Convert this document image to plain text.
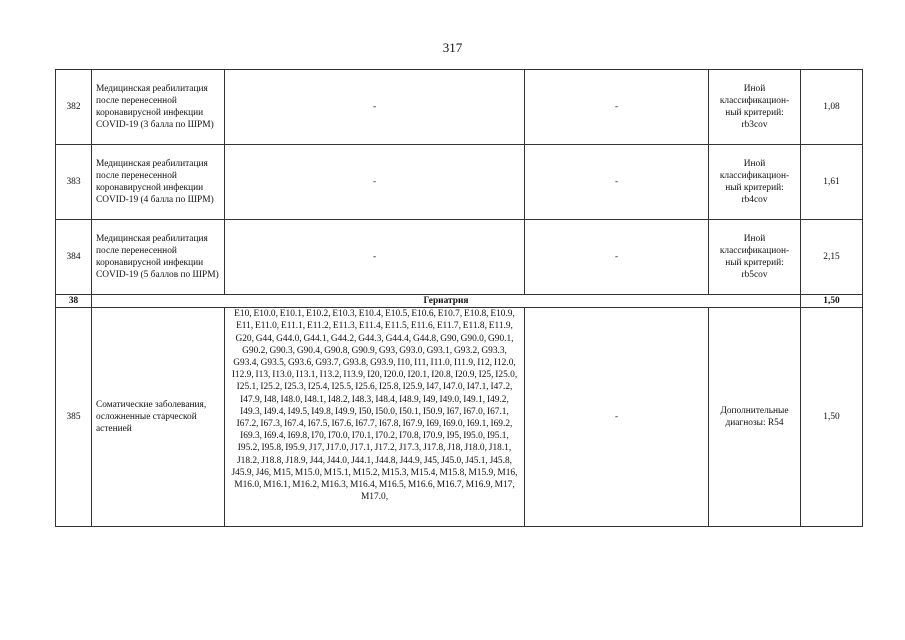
317
382	Медицинская реабилитация после перенесенной коронавирусной инфекции COVID-19 (3 балла по ШРМ)	-	-	Иной классификацион-ный критерий: rb3cov	1,08
383	Медицинская реабилитация после перенесенной коронавирусной инфекции COVID-19 (4 балла по ШРМ)	-	-	Иной классификацион-ный критерий: rb4cov	1,61
384	Медицинская реабилитация после перенесенной коронавирусной инфекции COVID-19 (5 баллов по ШРМ)	-	-	Иной классификацион-ный критерий: rb5cov	2,15
38	Гериатрия				1,50
385	Соматические заболевания, осложненные старческой астенией	E10, E10.0, E10.1, E10.2, E10.3, E10.4, E10.5, E10.6, E10.7, E10.8, E10.9, E11, E11.0, E11.1, E11.2, E11.3, E11.4, E11.5, E11.6, E11.7, E11.8, E11.9, G20, G44, G44.0, G44.1, G44.2, G44.3, G44.4, G44.8, G90, G90.0, G90.1, G90.2, G90.3, G90.4, G90.8, G90.9, G93, G93.0, G93.1, G93.2, G93.3, G93.4, G93.5, G93.6, G93.7, G93.8, G93.9, I10, I11, I11.0, I11.9, I12, I12.0, I12.9, I13, I13.0, I13.1, I13.2, I13.9, I20, I20.0, I20.1, I20.8, I20.9, I25, I25.0, I25.1, I25.2, I25.3, I25.4, I25.5, I25.6, I25.8, I25.9, I47, I47.0, I47.1, I47.2, I47.9, I48, I48.0, I48.1, I48.2, I48.3, I48.4, I48.9, I49, I49.0, I49.1, I49.2, I49.3, I49.4, I49.5, I49.8, I49.9, I50, I50.0, I50.1, I50.9, I67, I67.0, I67.1, I67.2, I67.3, I67.4, I67.5, I67.6, I67.7, I67.8, I67.9, I69, I69.0, I69.1, I69.2, I69.3, I69.4, I69.8, I70, I70.0, I70.1, I70.2, I70.8, I70.9, I95, I95.0, I95.1, I95.2, I95.8, I95.9, J17, J17.0, J17.1, J17.2, J17.3, J17.8, J18, J18.0, J18.1, J18.2, J18.8, J18.9, J44, J44.0, J44.1, J44.8, J44.9, J45, J45.0, J45.1, J45.8, J45.9, J46, M15, M15.0, M15.1, M15.2, M15.3, M15.4, M15.8, M15.9, M16, M16.0, M16.1, M16.2, M16.3, M16.4, M16.5, M16.6, M16.7, M16.9, M17, M17.0,	-	Дополнительные диагнозы: R54	1,50
